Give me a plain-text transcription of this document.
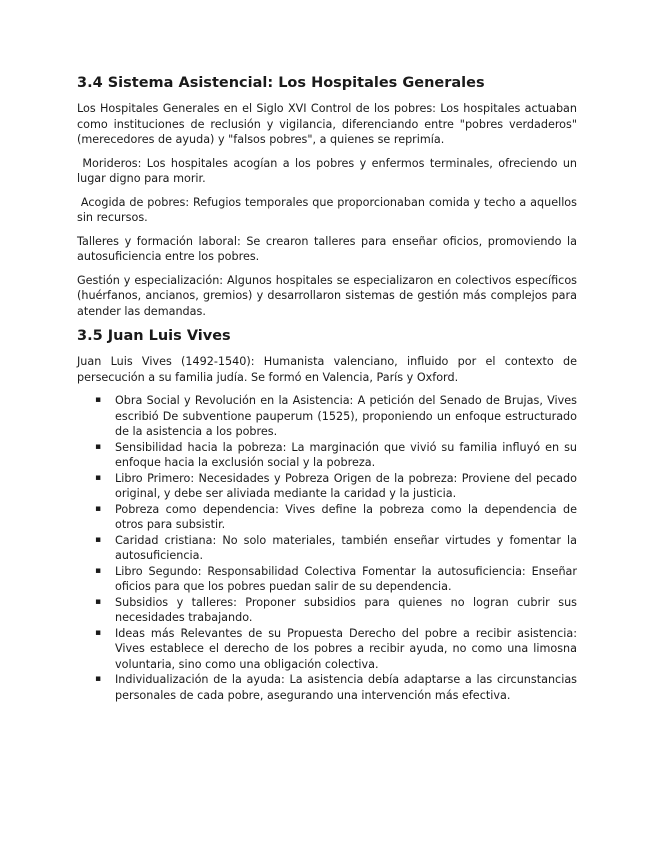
3.4 Sistema Asistencial: Los Hospitales Generales

Los Hospitales Generales en el Siglo XVI Control de los pobres: Los hospitales actuaban como instituciones de reclusión y vigilancia, diferenciando entre "pobres verdaderos" (merecedores de ayuda) y "falsos pobres", a quienes se reprimía.

Morideros: Los hospitales acogían a los pobres y enfermos terminales, ofreciendo un lugar digno para morir.

Acogida de pobres: Refugios temporales que proporcionaban comida y techo a aquellos sin recursos.

Talleres y formación laboral: Se crearon talleres para enseñar oficios, promoviendo la autosuficiencia entre los pobres.

Gestión y especialización: Algunos hospitales se especializaron en colectivos específicos (huérfanos, ancianos, gremios) y desarrollaron sistemas de gestión más complejos para atender las demandas.

3.5 Juan Luis Vives

Juan Luis Vives (1492-1540): Humanista valenciano, influido por el contexto de persecución a su familia judía. Se formó en Valencia, París y Oxford.

▪ Obra Social y Revolución en la Asistencia: A petición del Senado de Brujas, Vives escribió De subventione pauperum (1525), proponiendo un enfoque estructurado de la asistencia a los pobres.
▪ Sensibilidad hacia la pobreza: La marginación que vivió su familia influyó en su enfoque hacia la exclusión social y la pobreza.
▪ Libro Primero: Necesidades y Pobreza Origen de la pobreza: Proviene del pecado original, y debe ser aliviada mediante la caridad y la justicia.
▪ Pobreza como dependencia: Vives define la pobreza como la dependencia de otros para subsistir.
▪ Caridad cristiana: No solo materiales, también enseñar virtudes y fomentar la autosuficiencia.
▪ Libro Segundo: Responsabilidad Colectiva Fomentar la autosuficiencia: Enseñar oficios para que los pobres puedan salir de su dependencia.
▪ Subsidios y talleres: Proponer subsidios para quienes no logran cubrir sus necesidades trabajando.
▪ Ideas más Relevantes de su Propuesta Derecho del pobre a recibir asistencia: Vives establece el derecho de los pobres a recibir ayuda, no como una limosna voluntaria, sino como una obligación colectiva.
▪ Individualización de la ayuda: La asistencia debía adaptarse a las circunstancias personales de cada pobre, asegurando una intervención más efectiva.
